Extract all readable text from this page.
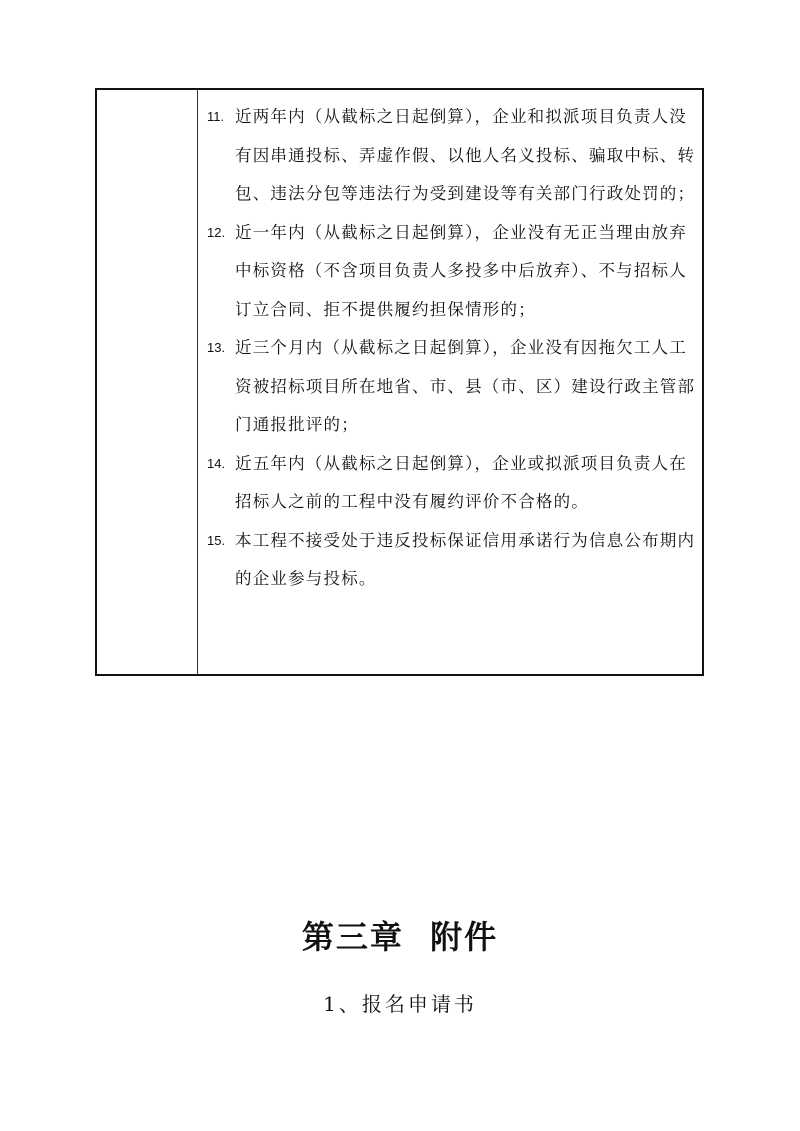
11. 近两年内（从截标之日起倒算），企业和拟派项目负责人没有因串通投标、弄虚作假、以他人名义投标、骗取中标、转包、违法分包等违法行为受到建设等有关部门行政处罚的；
12. 近一年内（从截标之日起倒算），企业没有无正当理由放弃中标资格（不含项目负责人多投多中后放弃）、不与招标人订立合同、拒不提供履约担保情形的；
13. 近三个月内（从截标之日起倒算），企业没有因拖欠工人工资被招标项目所在地省、市、县（市、区）建设行政主管部门通报批评的；
14. 近五年内（从截标之日起倒算），企业或拟派项目负责人在招标人之前的工程中没有履约评价不合格的。
15. 本工程不接受处于违反投标保证信用承诺行为信息公布期内的企业参与投标。
第三章  附件
1、报名申请书
